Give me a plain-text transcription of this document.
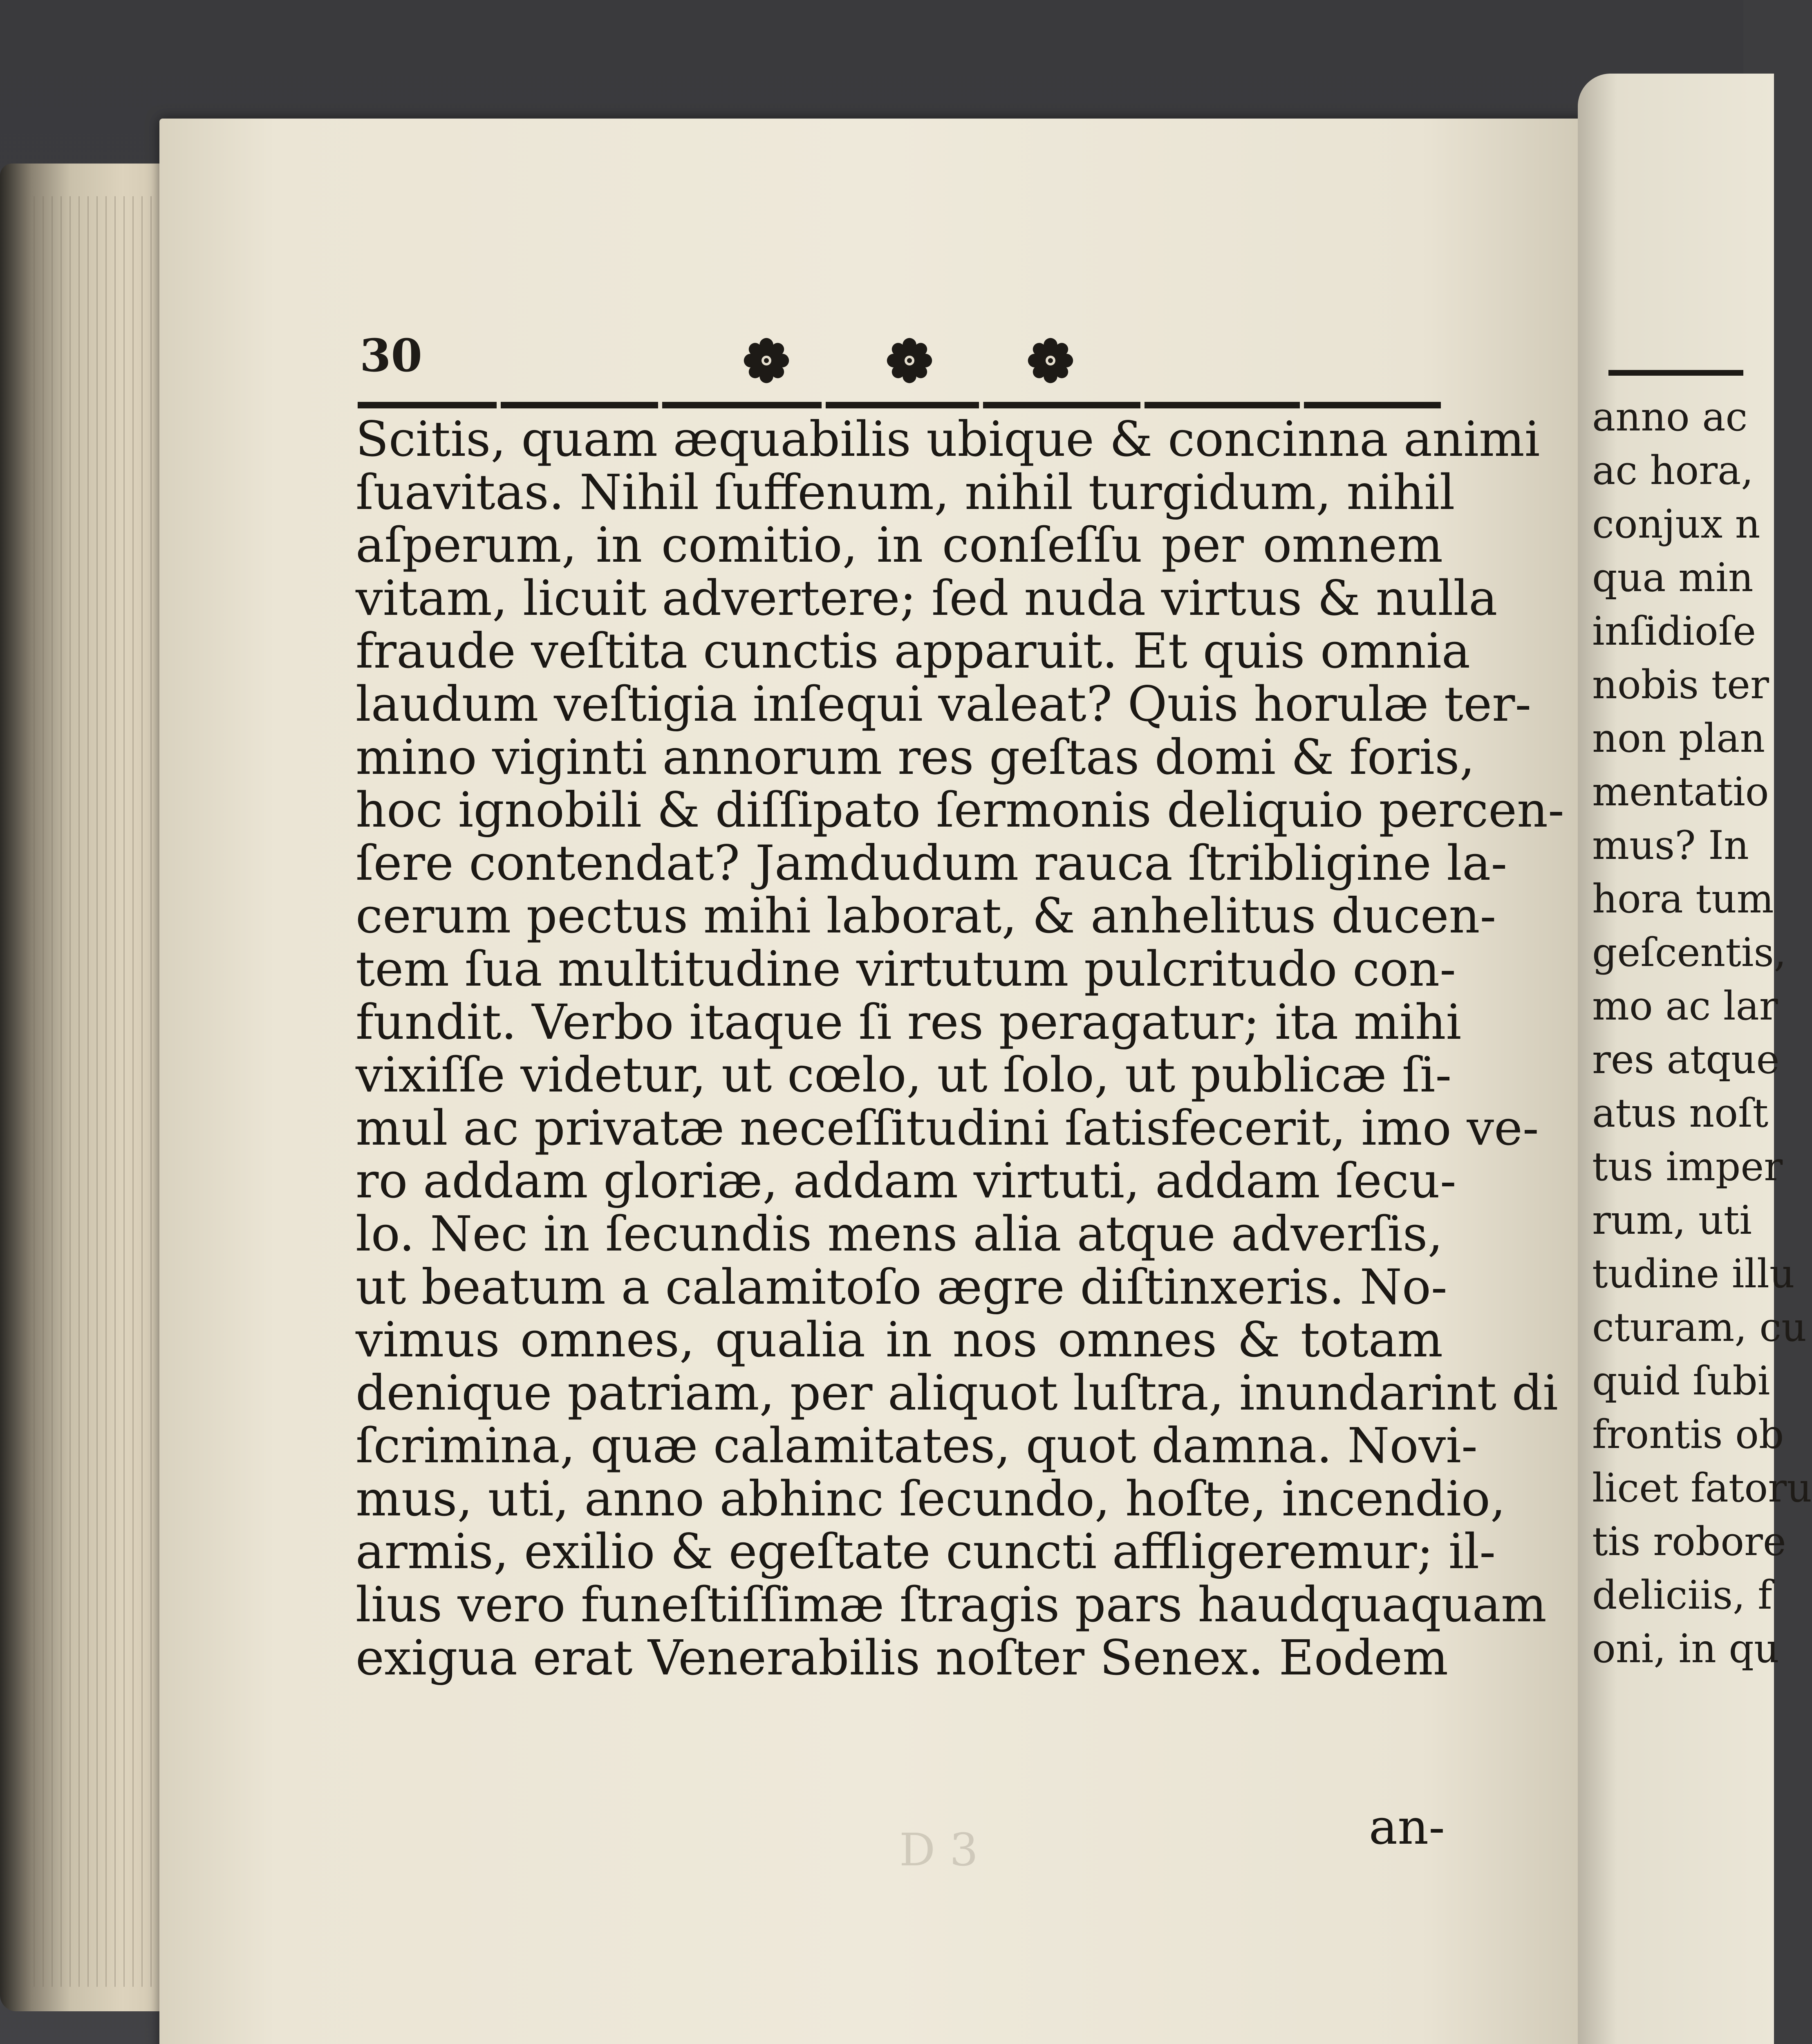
anno ac
ac hora,
conjux n
qua min
inſidioſe
nobis ter
non plan
mentatio
mus? In
hora tum
geſcentis,
mo ac lar
res atque
atus noſt
tus imper
rum, uti
tudine illu
cturam, cu
quid ſubi
frontis ob
licet fatoru
tis robore
deliciis, f
oni, in qu
30
Scitis, quam æquabilis ubique & concinna animi
ſuavitas. Nihil ſuffenum, nihil turgidum, nihil
aſperum, in comitio, in conſeſſu per omnem
vitam, licuit advertere; ſed nuda virtus & nulla
fraude veſtita cunctis apparuit. Et quis omnia
laudum veſtigia inſequi valeat? Quis horulæ ter-
mino viginti annorum res geſtas domi & foris,
hoc ignobili & diſſipato ſermonis deliquio percen-
ſere contendat? Jamdudum rauca ſtribligine la-
cerum pectus mihi laborat, & anhelitus ducen-
tem ſua multitudine virtutum pulcritudo con-
fundit. Verbo itaque ſi res peragatur; ita mihi
vixiſſe videtur, ut cœlo, ut ſolo, ut publicæ ſi-
mul ac privatæ neceſſitudini ſatisfecerit, imo ve-
ro addam gloriæ, addam virtuti, addam ſecu-
lo. Nec in ſecundis mens alia atque adverſis,
ut beatum a calamitoſo ægre diſtinxeris. No-
vimus omnes, qualia in nos omnes & totam
denique patriam, per aliquot luſtra, inundarint di
ſcrimina, quæ calamitates, quot damna. Novi-
mus, uti, anno abhinc ſecundo, hoſte, incendio,
armis, exilio & egeſtate cuncti affligeremur; il-
lius vero funeſtiſſimæ ſtragis pars haudquaquam
exigua erat Venerabilis noſter Senex. Eodem
D 3	an-
